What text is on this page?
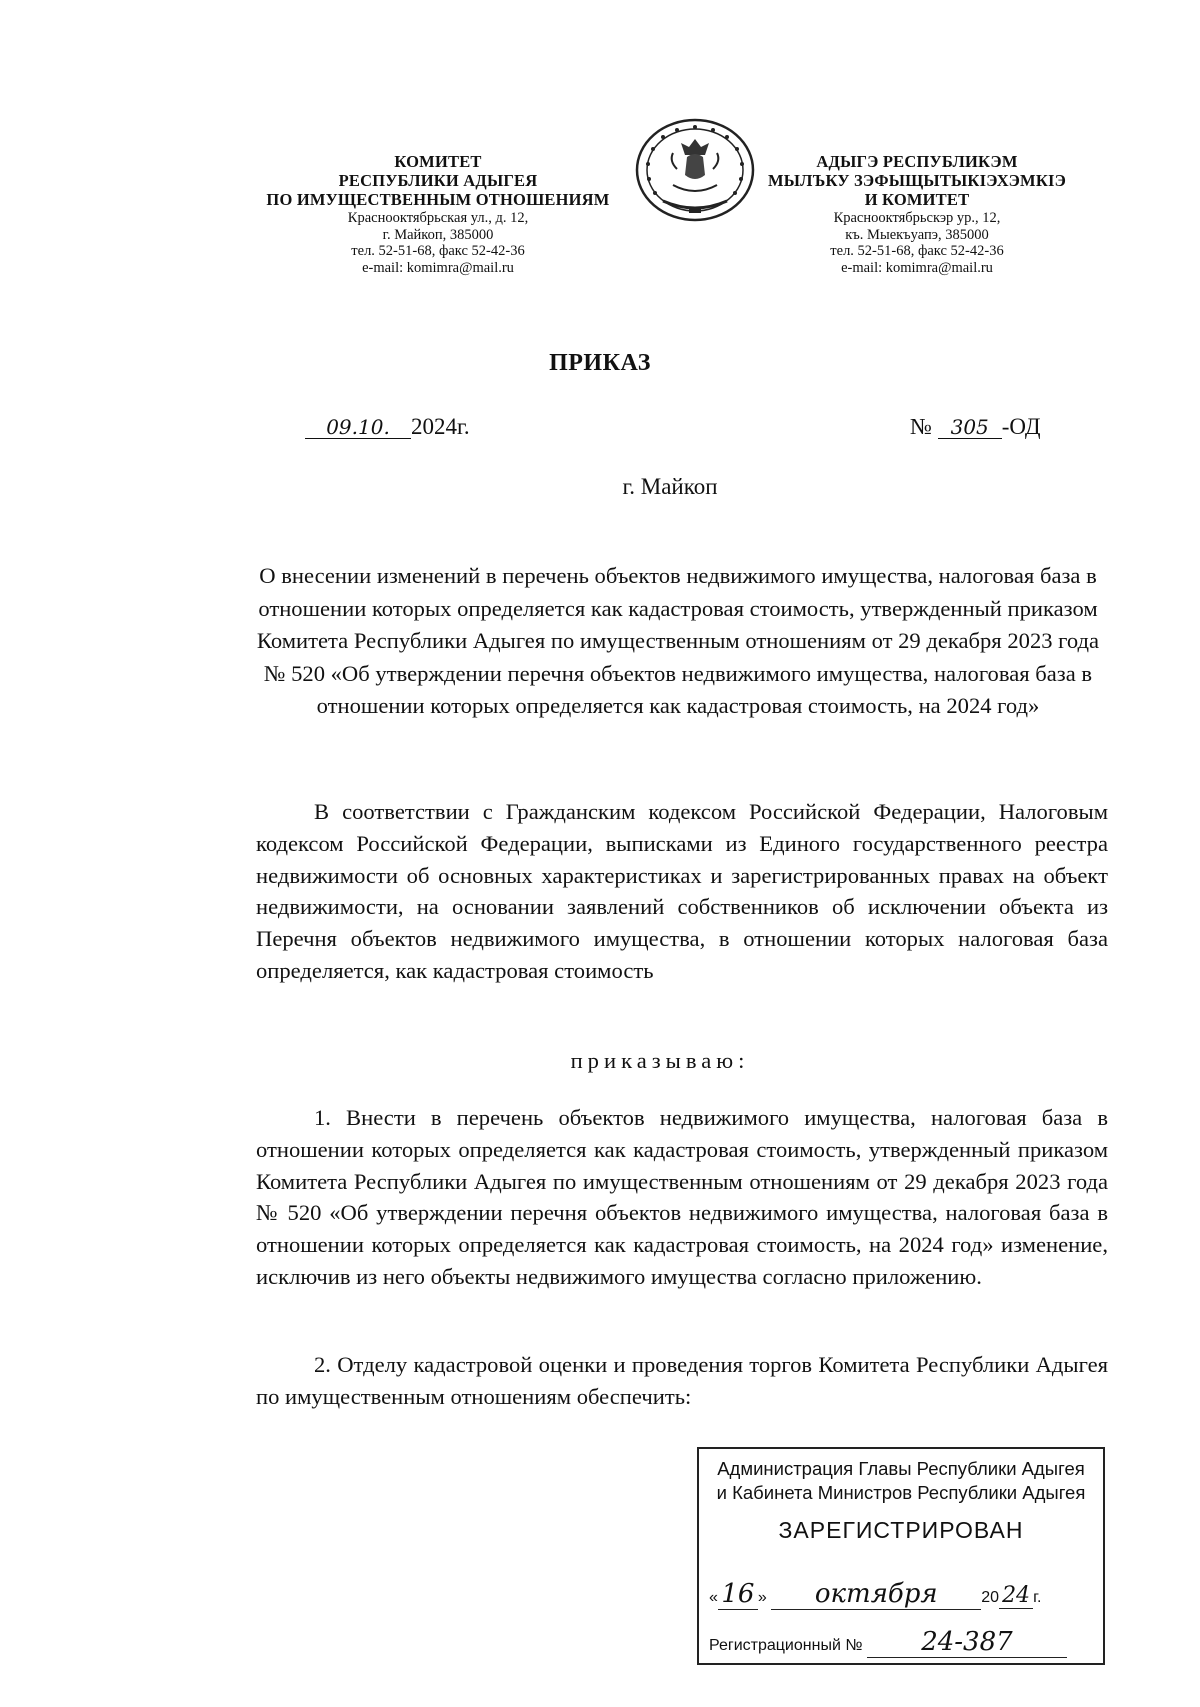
КОМИТЕТ
РЕСПУБЛИКИ АДЫГЕЯ
ПО ИМУЩЕСТВЕННЫМ ОТНОШЕНИЯМ
Краснооктябрьская ул., д. 12,
г. Майкоп, 385000
тел. 52-51-68, факс 52-42-36
e-mail: komimra@mail.ru
АДЫГЭ РЕСПУБЛИКЭМ
МЫЛЪКУ ЗЭФЫЩЫТЫКIЭХЭМКIЭ
И КОМИТЕТ
Краснооктябрьскэр ур., 12,
къ. Мыекъуапэ, 385000
тел. 52-51-68, факс 52-42-36
e-mail: komimra@mail.ru
ПРИКАЗ
09.10. 2024г.	№ 305 -ОД
г. Майкоп
О внесении изменений в перечень объектов недвижимого имущества, налоговая база в отношении которых определяется как кадастровая стоимость, утвержденный приказом Комитета Республики Адыгея по имущественным отношениям от 29 декабря 2023 года № 520 «Об утверждении перечня объектов недвижимого имущества, налоговая база в отношении которых определяется как кадастровая стоимость, на 2024 год»
В соответствии с Гражданским кодексом Российской Федерации, Налоговым кодексом Российской Федерации, выписками из Единого государственного реестра недвижимости об основных характеристиках и зарегистрированных правах на объект недвижимости, на основании заявлений собственников об исключении объекта из Перечня объектов недвижимого имущества, в отношении которых налоговая база определяется, как кадастровая стоимость
приказываю:
1. Внести в перечень объектов недвижимого имущества, налоговая база в отношении которых определяется как кадастровая стоимость, утвержденный приказом Комитета Республики Адыгея по имущественным отношениям от 29 декабря 2023 года № 520 «Об утверждении перечня объектов недвижимого имущества, налоговая база в отношении которых определяется как кадастровая стоимость, на 2024 год» изменение, исключив из него объекты недвижимого имущества согласно приложению.
2. Отделу кадастровой оценки и проведения торгов Комитета Республики Адыгея по имущественным отношениям обеспечить:
Администрация Главы Республики Адыгея
и Кабинета Министров Республики Адыгея
ЗАРЕГИСТРИРОВАН
« 16 » октября	20 24 г.
Регистрационный № 24-387
